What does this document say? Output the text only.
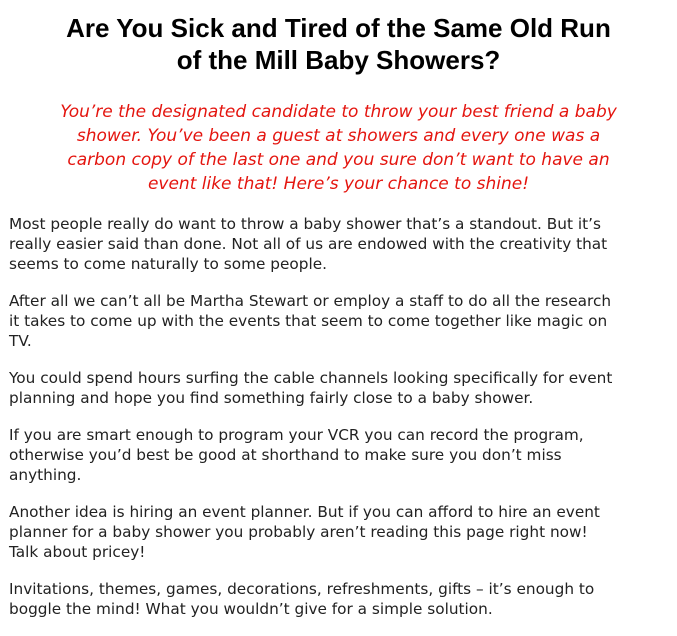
Are You Sick and Tired of the Same Old Run
of the Mill Baby Showers?

You’re the designated candidate to throw your best friend a baby
shower. You’ve been a guest at showers and every one was a
carbon copy of the last one and you sure don’t want to have an
event like that! Here’s your chance to shine!

Most people really do want to throw a baby shower that’s a standout. But it’s
really easier said than done. Not all of us are endowed with the creativity that
seems to come naturally to some people.

After all we can’t all be Martha Stewart or employ a staff to do all the research
it takes to come up with the events that seem to come together like magic on
TV.

You could spend hours surfing the cable channels looking specifically for event
planning and hope you find something fairly close to a baby shower.

If you are smart enough to program your VCR you can record the program,
otherwise you’d best be good at shorthand to make sure you don’t miss
anything.

Another idea is hiring an event planner. But if you can afford to hire an event
planner for a baby shower you probably aren’t reading this page right now!
Talk about pricey!

Invitations, themes, games, decorations, refreshments, gifts – it’s enough to
boggle the mind! What you wouldn’t give for a simple solution.
